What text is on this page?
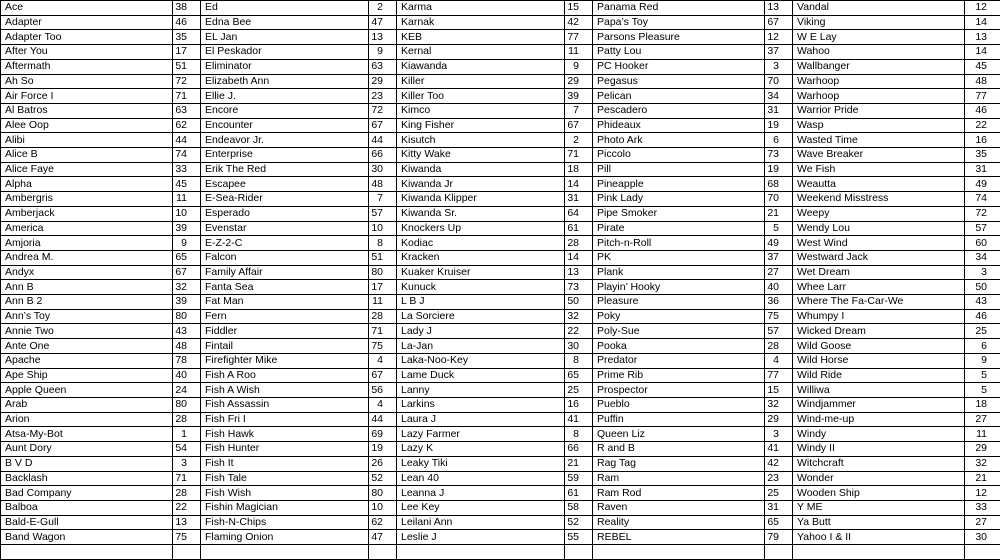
Ace	38	Ed	2	Karma	15	Panama Red	13	Vandal	12
Adapter	46	Edna Bee	47	Karnak	42	Papa’s Toy	67	Viking	14
Adapter Too	35	EL Jan	13	KEB	77	Parsons Pleasure	12	W E Lay	13
After You	17	El Peskador	9	Kernal	11	Patty Lou	37	Wahoo	14
Aftermath	51	Eliminator	63	Kiawanda	9	PC Hooker	3	Wallbanger	45
Ah So	72	Elizabeth Ann	29	Killer	29	Pegasus	70	Warhoop	48
Air Force I	71	Ellie J.	23	Killer Too	39	Pelican	34	Warhoop	77
Al Batros	63	Encore	72	Kimco	7	Pescadero	31	Warrior Pride	46
Alee Oop	62	Encounter	67	King Fisher	67	Phideaux	19	Wasp	22
Alibi	44	Endeavor Jr.	44	Kisutch	2	Photo Ark	6	Wasted Time	16
Alice B	74	Enterprise	66	Kitty Wake	71	Piccolo	73	Wave Breaker	35
Alice Faye	33	Erik The Red	30	Kiwanda	18	Pill	19	We Fish	31
Alpha	45	Escapee	48	Kiwanda Jr	14	Pineapple	68	Weautta	49
Ambergris	11	E-Sea-Rider	7	Kiwanda Klipper	31	Pink Lady	70	Weekend Misstress	74
Amberjack	10	Esperado	57	Kiwanda Sr.	64	Pipe Smoker	21	Weepy	72
America	39	Evenstar	10	Knockers Up	61	Pirate	5	Wendy Lou	57
Amjoria	9	E-Z-2-C	8	Kodiac	28	Pitch-n-Roll	49	West Wind	60
Andrea M.	65	Falcon	51	Kracken	14	PK	37	Westward Jack	34
Andyx	67	Family Affair	80	Kuaker Kruiser	13	Plank	27	Wet Dream	3
Ann B	32	Fanta Sea	17	Kunuck	73	Playin’ Hooky	40	Whee Larr	50
Ann B 2	39	Fat Man	11	L B J	50	Pleasure	36	Where The Fa-Car-We	43
Ann’s Toy	80	Fern	28	La Sorciere	32	Poky	75	Whumpy I	46
Annie Two	43	Fiddler	71	Lady J	22	Poly-Sue	57	Wicked Dream	25
Ante One	48	Fintail	75	La-Jan	30	Pooka	28	Wild Goose	6
Apache	78	Firefighter Mike	4	Laka-Noo-Key	8	Predator	4	Wild Horse	9
Ape Ship	40	Fish A Roo	67	Lame Duck	65	Prime Rib	77	Wild Ride	5
Apple Queen	24	Fish A Wish	56	Lanny	25	Prospector	15	Williwa	5
Arab	80	Fish Assassin	4	Larkins	16	Pueblo	32	Windjammer	18
Arion	28	Fish Fri I	44	Laura J	41	Puffin	29	Wind-me-up	27
Atsa-My-Bot	1	Fish Hawk	69	Lazy Farmer	8	Queen Liz	3	Windy	11
Aunt Dory	54	Fish Hunter	19	Lazy K	66	R and B	41	Windy II	29
B V D	3	Fish It	26	Leaky Tiki	21	Rag Tag	42	Witchcraft	32
Backlash	71	Fish Tale	52	Lean 40	59	Ram	23	Wonder	21
Bad Company	28	Fish Wish	80	Leanna J	61	Ram Rod	25	Wooden Ship	12
Balboa	22	Fishin Magician	10	Lee Key	58	Raven	31	Y ME	33
Bald-E-Gull	13	Fish-N-Chips	62	Leilani Ann	52	Reality	65	Ya Butt	27
Band Wagon	75	Flaming Onion	47	Leslie J	55	REBEL	79	Yahoo I & II	30
